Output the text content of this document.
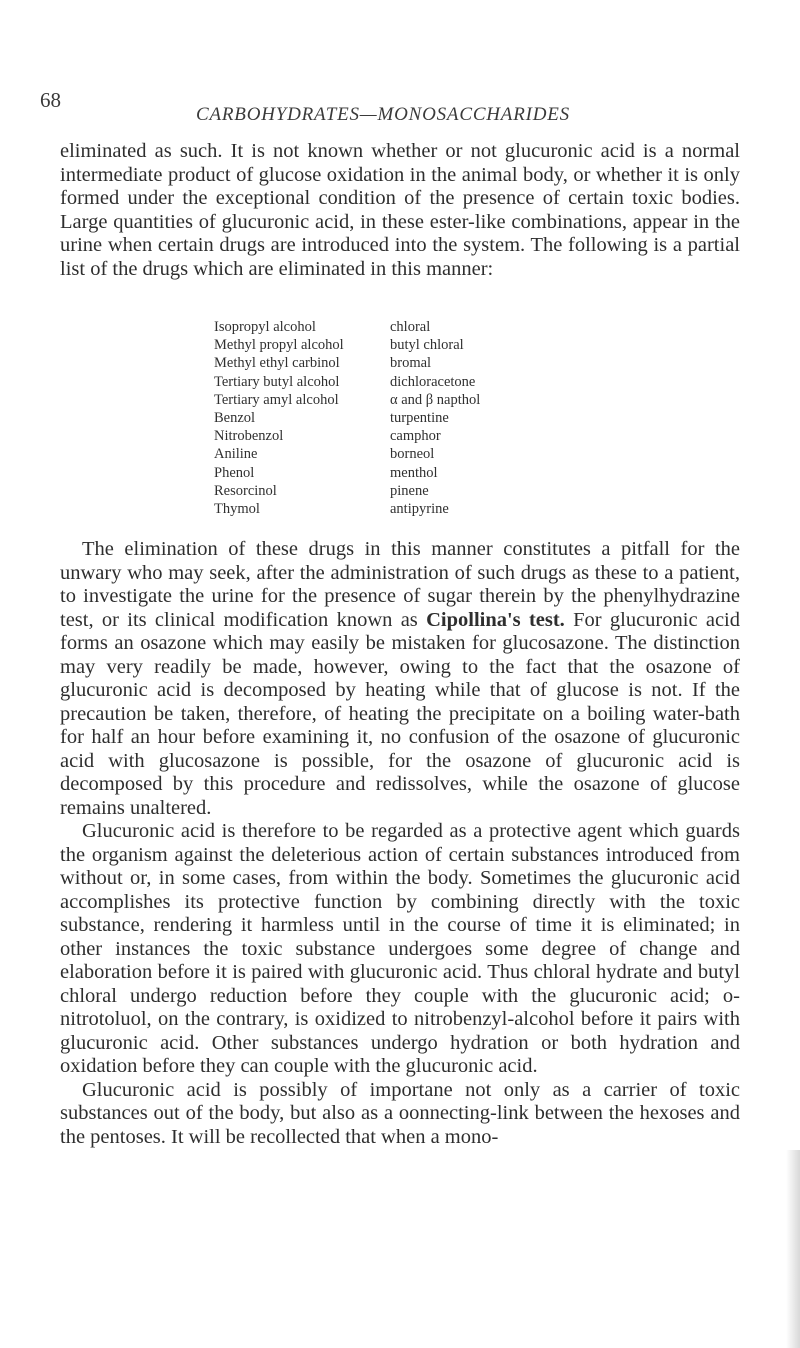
68
CARBOHYDRATES—MONOSACCHARIDES

eliminated as such. It is not known whether or not glucuronic acid is a normal intermediate product of glucose oxidation in the animal body, or whether it is only formed under the exceptional condition of the presence of certain toxic bodies. Large quantities of glucuronic acid, in these ester-like combinations, appear in the urine when certain drugs are introduced into the system. The following is a partial list of the drugs which are eliminated in this manner:

Isopropyl alcohol	chloral
Methyl propyl alcohol	butyl chloral
Methyl ethyl carbinol	bromal
Tertiary butyl alcohol	dichloracetone
Tertiary amyl alcohol	α and β napthol
Benzol	turpentine
Nitrobenzol	camphor
Aniline	borneol
Phenol	menthol
Resorcinol	pinene
Thymol	antipyrine

The elimination of these drugs in this manner constitutes a pitfall for the unwary who may seek, after the administration of such drugs as these to a patient, to investigate the urine for the presence of sugar therein by the phenylhydrazine test, or its clinical modification known as Cipollina's test. For glucuronic acid forms an osazone which may easily be mistaken for glucosazone. The distinction may very readily be made, however, owing to the fact that the osazone of glucuronic acid is decomposed by heating while that of glucose is not. If the precaution be taken, therefore, of heating the precipitate on a boiling water-bath for half an hour before examining it, no confusion of the osazone of glucuronic acid with glucosazone is possible, for the osazone of glucuronic acid is decomposed by this procedure and redissolves, while the osazone of glucose remains unaltered.

Glucuronic acid is therefore to be regarded as a protective agent which guards the organism against the deleterious action of certain substances introduced from without or, in some cases, from within the body. Sometimes the glucuronic acid accomplishes its protective function by combining directly with the toxic substance, rendering it harmless until in the course of time it is eliminated; in other instances the toxic substance undergoes some degree of change and elaboration before it is paired with glucuronic acid. Thus chloral hydrate and butyl chloral undergo reduction before they couple with the glucuronic acid; o-nitrotoluol, on the contrary, is oxidized to nitrobenzyl-alcohol before it pairs with glucuronic acid. Other substances undergo hydration or both hydration and oxidation before they can couple with the glucuronic acid.

Glucuronic acid is possibly of importane not only as a carrier of toxic substances out of the body, but also as a oonnecting-link between the hexoses and the pentoses. It will be recollected that when a mono-
